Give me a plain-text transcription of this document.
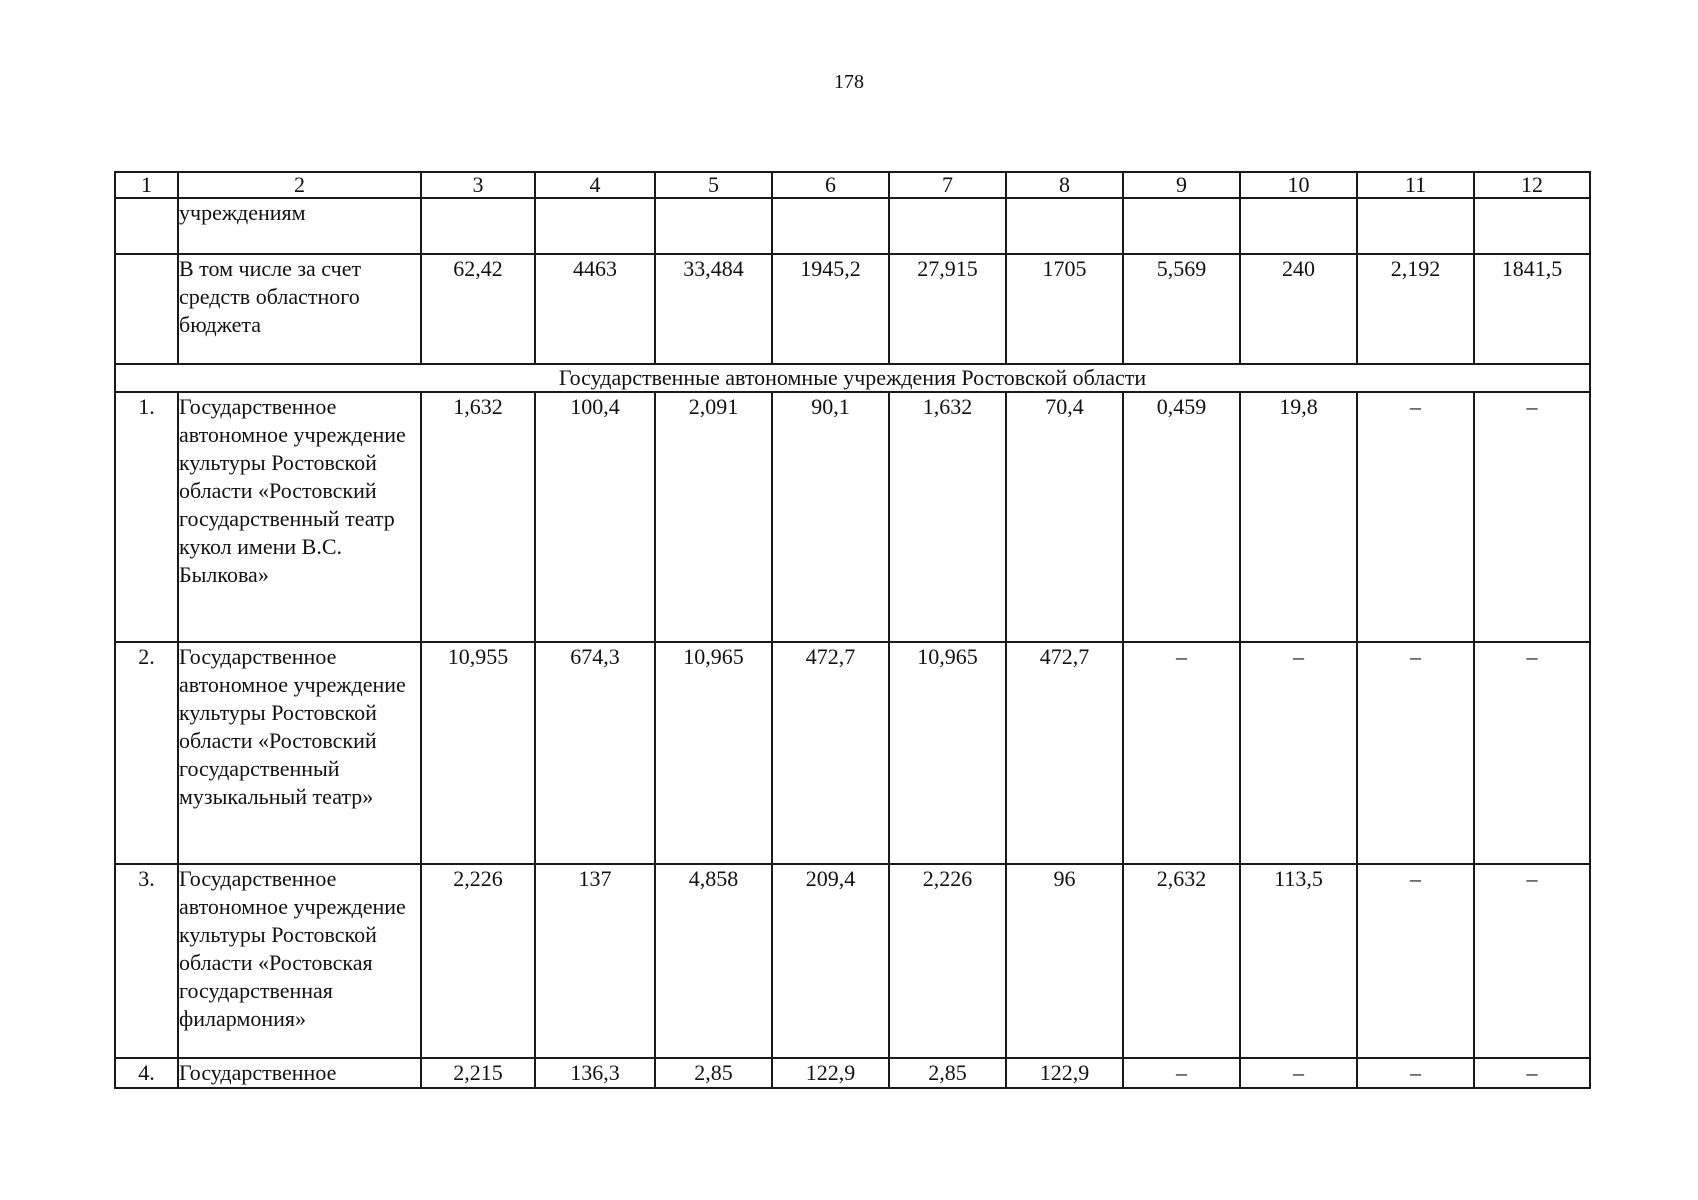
178
1	2	3	4	5	6	7	8	9	10	11	12
	учреждениям										
	В том числе за счет средств областного бюджета	62,42	4463	33,484	1945,2	27,915	1705	5,569	240	2,192	1841,5
Государственные автономные учреждения Ростовской области											
1.	Государственное автономное учреждение культуры Ростовской области «Ростовский государственный театр кукол имени В.С. Былкова»	1,632	100,4	2,091	90,1	1,632	70,4	0,459	19,8	–	–
2.	Государственное автономное учреждение культуры Ростовской области «Ростовский государственный музыкальный театр»	10,955	674,3	10,965	472,7	10,965	472,7	–	–	–	–
3.	Государственное автономное учреждение культуры Ростовской области «Ростовская государственная филармония»	2,226	137	4,858	209,4	2,226	96	2,632	113,5	–	–
4.	Государственное	2,215	136,3	2,85	122,9	2,85	122,9	–	–	–	–
